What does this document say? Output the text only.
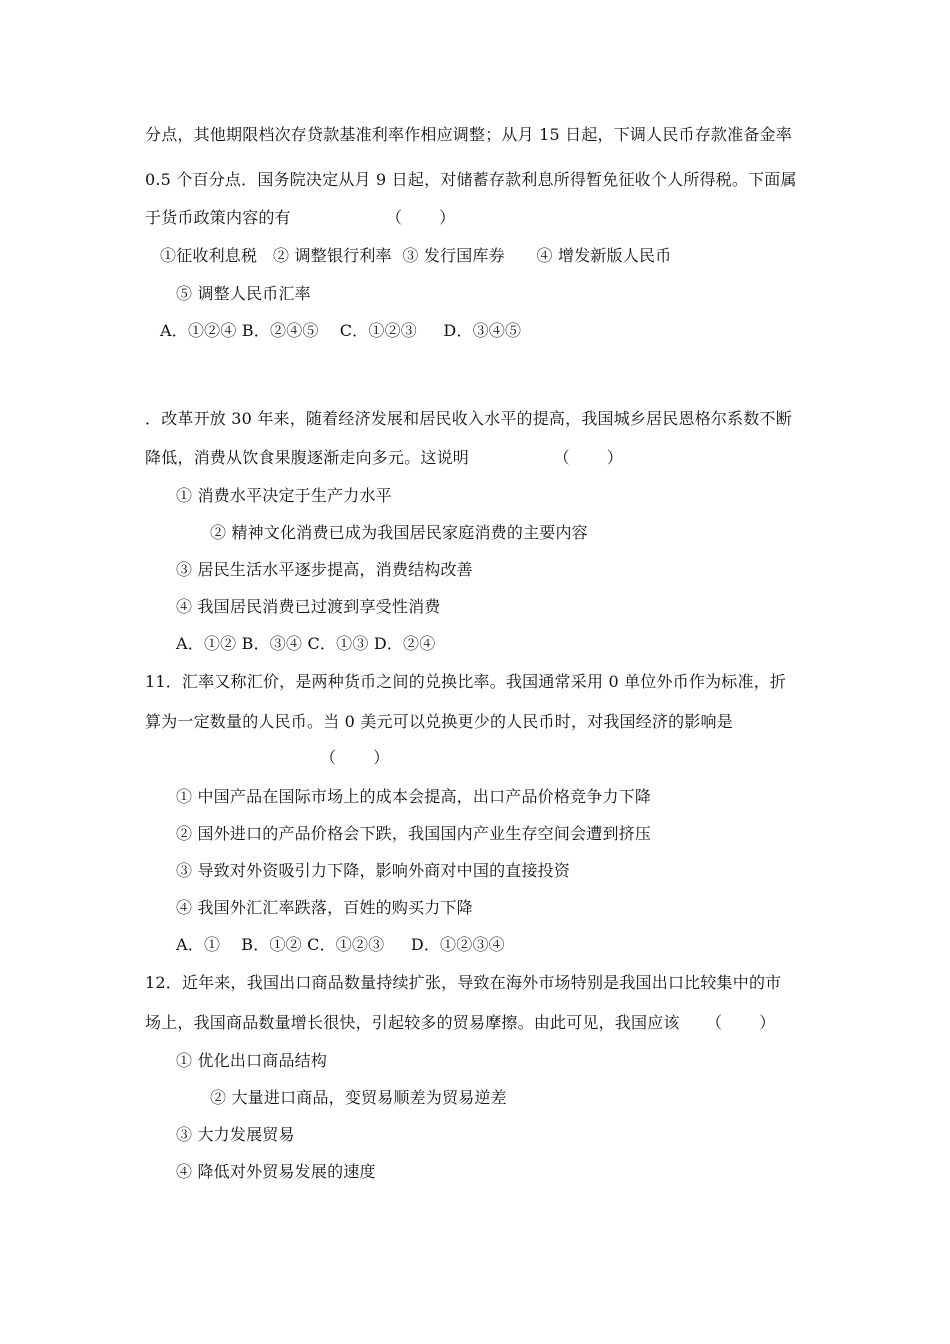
分点，其他期限档次存贷款基准利率作相应调整；从月 15 日起，下调人民币存款准备金率
0.5 个百分点．国务院决定从月 9 日起，对储蓄存款利息所得暂免征收个人所得税。下面属
于货币政策内容的有                  （       ）
①征收利息税   ② 调整银行利率  ③ 发行国库券      ④ 增发新版人民币
⑤ 调整人民币汇率
A．①②④ B．②④⑤    C．①②③     D．③④⑤
．改革开放 30 年来，随着经济发展和居民收入水平的提高，我国城乡居民恩格尔系数不断
降低，消费从饮食果腹逐渐走向多元。这说明                （       ）
① 消费水平决定于生产力水平
② 精神文化消费已成为我国居民家庭消费的主要内容
③ 居民生活水平逐步提高，消费结构改善
④ 我国居民消费已过渡到享受性消费
A．①② B．③④ C．①③ D．②④
11．汇率又称汇价，是两种货币之间的兑换比率。我国通常采用 0 单位外币作为标准，折
算为一定数量的人民币。当 0 美元可以兑换更少的人民币时，对我国经济的影响是
（       ）
① 中国产品在国际市场上的成本会提高，出口产品价格竞争力下降
② 国外进口的产品价格会下跌，我国国内产业生存空间会遭到挤压
③ 导致对外资吸引力下降，影响外商对中国的直接投资
④ 我国外汇汇率跌落，百姓的购买力下降
A．①    B．①② C．①②③     D．①②③④
12．近年来，我国出口商品数量持续扩张，导致在海外市场特别是我国出口比较集中的市
场上，我国商品数量增长很快，引起较多的贸易摩擦。由此可见，我国应该     （       ）
① 优化出口商品结构
② 大量进口商品，变贸易顺差为贸易逆差
③ 大力发展贸易
④ 降低对外贸易发展的速度
